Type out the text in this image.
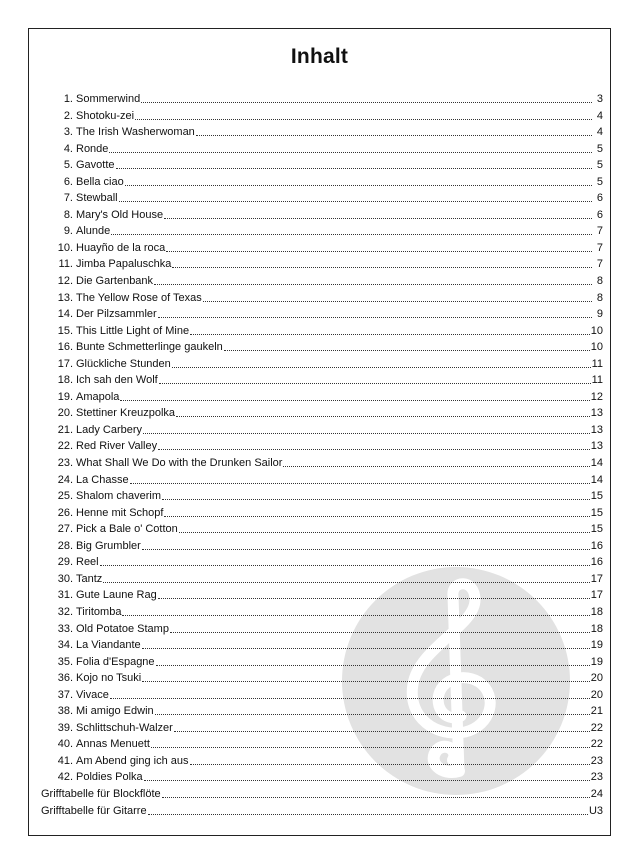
Inhalt
1. Sommerwind	3
2. Shotoku-zei	4
3. The Irish Washerwoman	4
4. Ronde	5
5. Gavotte	5
6. Bella ciao	5
7. Stewball	6
8. Mary's Old House	6
9. Alunde	7
10. Huayño de la roca	7
11. Jimba Papaluschka	7
12. Die Gartenbank	8
13. The Yellow Rose of Texas	8
14. Der Pilzsammler	9
15. This Little Light of Mine	10
16. Bunte Schmetterlinge gaukeln	10
17. Glückliche Stunden	11
18. Ich sah den Wolf	11
19. Amapola	12
20. Stettiner Kreuzpolka	13
21. Lady Carbery	13
22. Red River Valley	13
23. What Shall We Do with the Drunken Sailor	14
24. La Chasse	14
25. Shalom chaverim	15
26. Henne mit Schopf	15
27. Pick a Bale o' Cotton	15
28. Big Grumbler	16
29. Reel	16
30. Tantz	17
31. Gute Laune Rag	17
32. Tiritomba	18
33. Old Potatoe Stamp	18
34. La Viandante	19
35. Folia d'Espagne	19
36. Kojo no Tsuki	20
37. Vivace	20
38. Mi amigo Edwin	21
39. Schlittschuh-Walzer	22
40. Annas Menuett	22
41. Am Abend ging ich aus	23
42. Poldies Polka	23
Grifftabelle für Blockflöte	24
Grifftabelle für Gitarre	U3
